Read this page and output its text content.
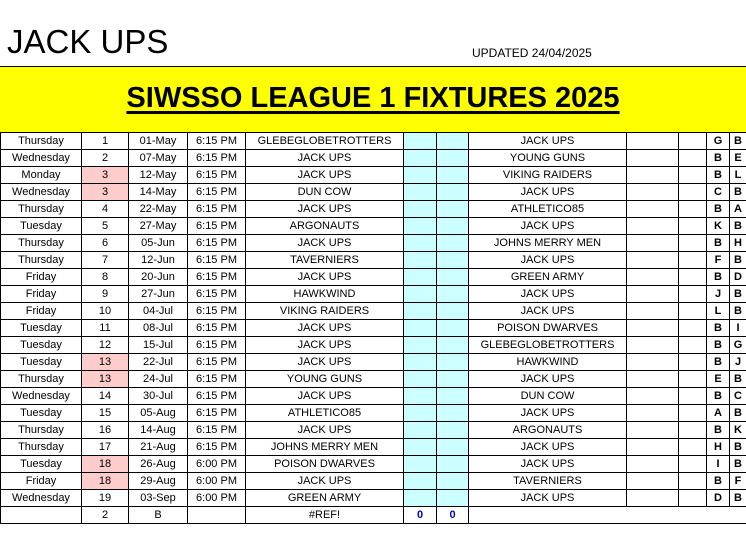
JACK UPS	UPDATED 24/04/2025
SIWSSO LEAGUE 1 FIXTURES 2025
Thursday	1	01-May	6:15 PM	GLEBEGLOBETROTTERS			JACK UPS			G	B
Wednesday	2	07-May	6:15 PM	JACK UPS			YOUNG GUNS			B	E
Monday	3	12-May	6:15 PM	JACK UPS			VIKING RAIDERS			B	L
Wednesday	3	14-May	6:15 PM	DUN COW			JACK UPS			C	B
Thursday	4	22-May	6:15 PM	JACK UPS			ATHLETICO85			B	A
Tuesday	5	27-May	6:15 PM	ARGONAUTS			JACK UPS			K	B
Thursday	6	05-Jun	6:15 PM	JACK UPS			JOHNS MERRY MEN			B	H
Thursday	7	12-Jun	6:15 PM	TAVERNIERS			JACK UPS			F	B
Friday	8	20-Jun	6:15 PM	JACK UPS			GREEN ARMY			B	D
Friday	9	27-Jun	6:15 PM	HAWKWIND			JACK UPS			J	B
Friday	10	04-Jul	6:15 PM	VIKING RAIDERS			JACK UPS			L	B
Tuesday	11	08-Jul	6:15 PM	JACK UPS			POISON DWARVES			B	I
Tuesday	12	15-Jul	6:15 PM	JACK UPS			GLEBEGLOBETROTTERS			B	G
Tuesday	13	22-Jul	6:15 PM	JACK UPS			HAWKWIND			B	J
Thursday	13	24-Jul	6:15 PM	YOUNG GUNS			JACK UPS			E	B
Wednesday	14	30-Jul	6:15 PM	JACK UPS			DUN COW			B	C
Tuesday	15	05-Aug	6:15 PM	ATHLETICO85			JACK UPS			A	B
Thursday	16	14-Aug	6:15 PM	JACK UPS			ARGONAUTS			B	K
Thursday	17	21-Aug	6:15 PM	JOHNS MERRY MEN			JACK UPS			H	B
Tuesday	18	26-Aug	6:00 PM	POISON DWARVES			JACK UPS			I	B
Friday	18	29-Aug	6:00 PM	JACK UPS			TAVERNIERS			B	F
Wednesday	19	03-Sep	6:00 PM	GREEN ARMY			JACK UPS			D	B
	2	B		#REF!	0	0					
